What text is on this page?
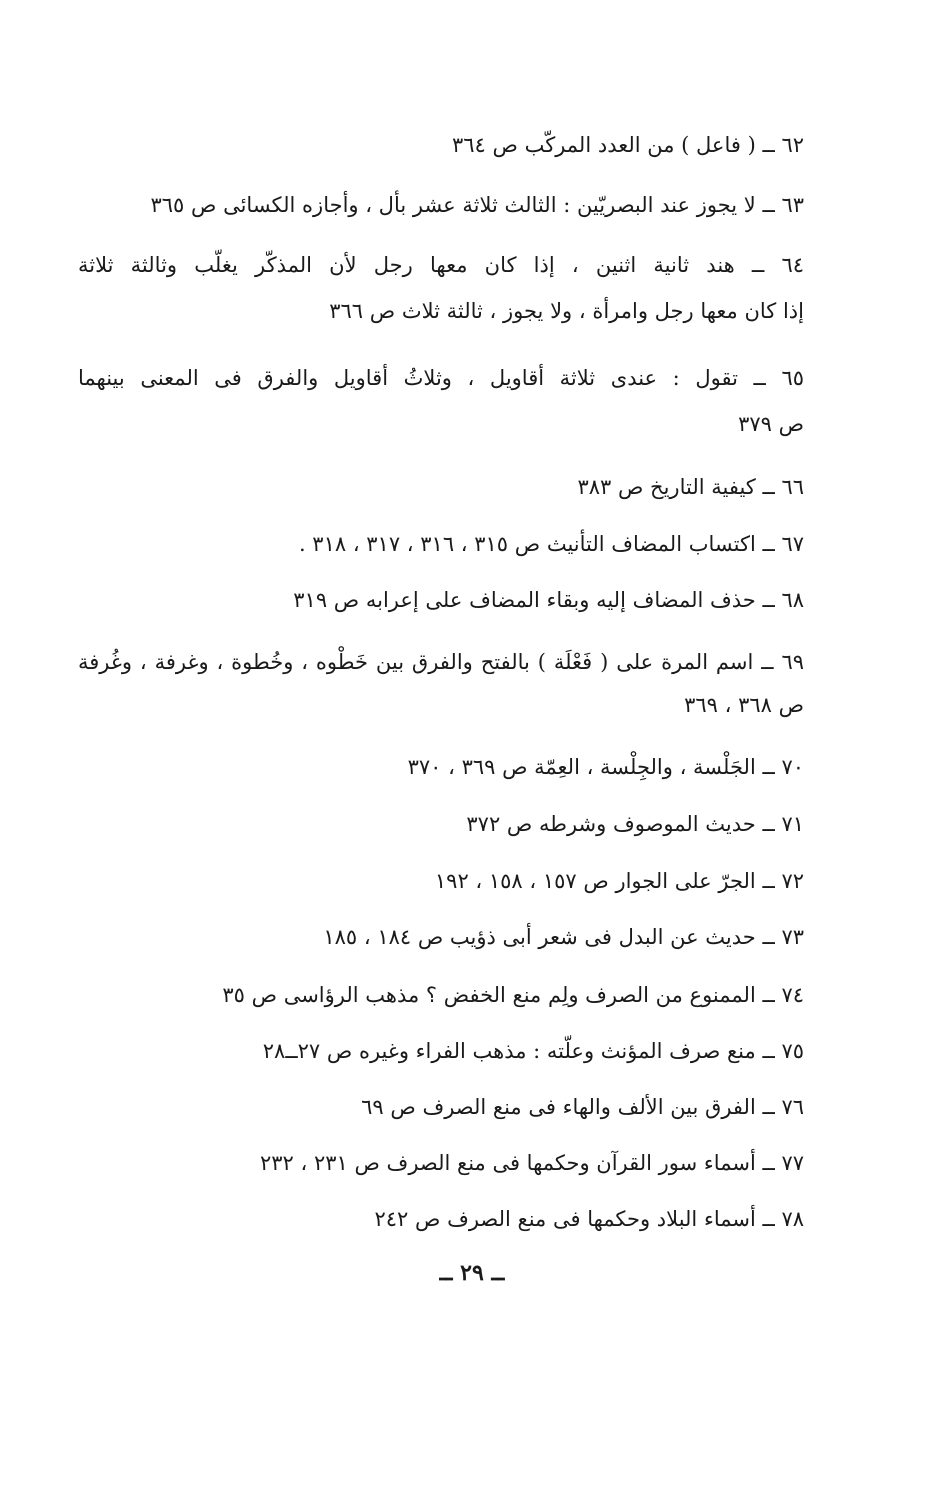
٦٢ ــ ( فاعل ) من العدد المركّب ص ٣٦٤
٦٣ ــ لا يجوز عند البصريّين : الثالث ثلاثة عشر بأل ، وأجازه الكسائى ص ٣٦٥
٦٤ ــ هند ثانية اثنين ، إذا كان معها رجل لأن المذكّر يغلّب وثالثة ثلاثة
إذا كان معها رجل وامرأة ، ولا يجوز ، ثالثة ثلاث ص ٣٦٦
٦٥ ــ تقول : عندى ثلاثة أقاويل ، وثلاثُ أقاويل والفرق فى المعنى بينهما
ص ٣٧٩
٦٦ ــ كيفية التاريخ ص ٣٨٣
٦٧ ــ اكتساب المضاف التأنيث ص ٣١٥ ، ٣١٦ ، ٣١٧ ، ٣١٨ .
٦٨ ــ حذف المضاف إليه وبقاء المضاف على إعرابه ص ٣١٩
٦٩ ــ اسم المرة على ( فَعْلَة ) بالفتح والفرق بين خَطْوه ، وخُطوة ، وغرفة ، وغُرفة
ص ٣٦٨ ، ٣٦٩
٧٠ ــ الجَلْسة ، والجِلْسة ، العِمّة ص ٣٦٩ ، ٣٧٠
٧١ ــ حديث الموصوف وشرطه ص ٣٧٢
٧٢ ــ الجرّ على الجوار ص ١٥٧ ، ١٥٨ ، ١٩٢
٧٣ ــ حديث عن البدل فى شعر أبى ذؤيب ص ١٨٤ ، ١٨٥
٧٤ ــ الممنوع من الصرف ولِم منع الخفض ؟ مذهب الرؤاسى ص ٣٥
٧٥ ــ منع صرف المؤنث وعلّته : مذهب الفراء وغيره ص ٢٧ــ٢٨
٧٦ ــ الفرق بين الألف والهاء فى منع الصرف ص ٦٩
٧٧ ــ أسماء سور القرآن وحكمها فى منع الصرف ص ٢٣١ ، ٢٣٢
٧٨ ــ أسماء البلاد وحكمها فى منع الصرف ص ٢٤٢
ــ ٢٩ ــ
